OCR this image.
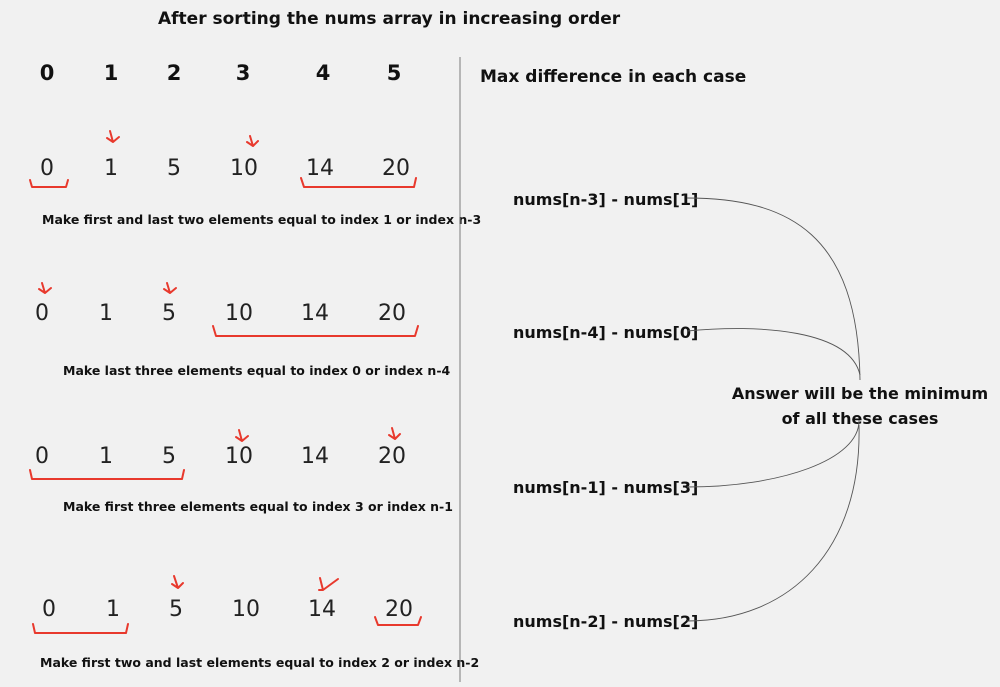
After sorting the nums array in increasing order
0 1 2	3	4	5	Max difference in each case
0 1 5 10 14 20
Make first and last two elements equal to index 1 or index n-3
0 1 5 10 14 20
Make last three elements equal to index 0 or index n-4
0 1 5 10 14 20
Make first three elements equal to index 3 or index n-1
0 1 5 10 14 20
Make first two and last elements equal to index 2 or index n-2
nums[n-3] - nums[1]
nums[n-4] - nums[0]
nums[n-1] - nums[3]
nums[n-2] - nums[2]
Answer will be the minimum
of all these cases
